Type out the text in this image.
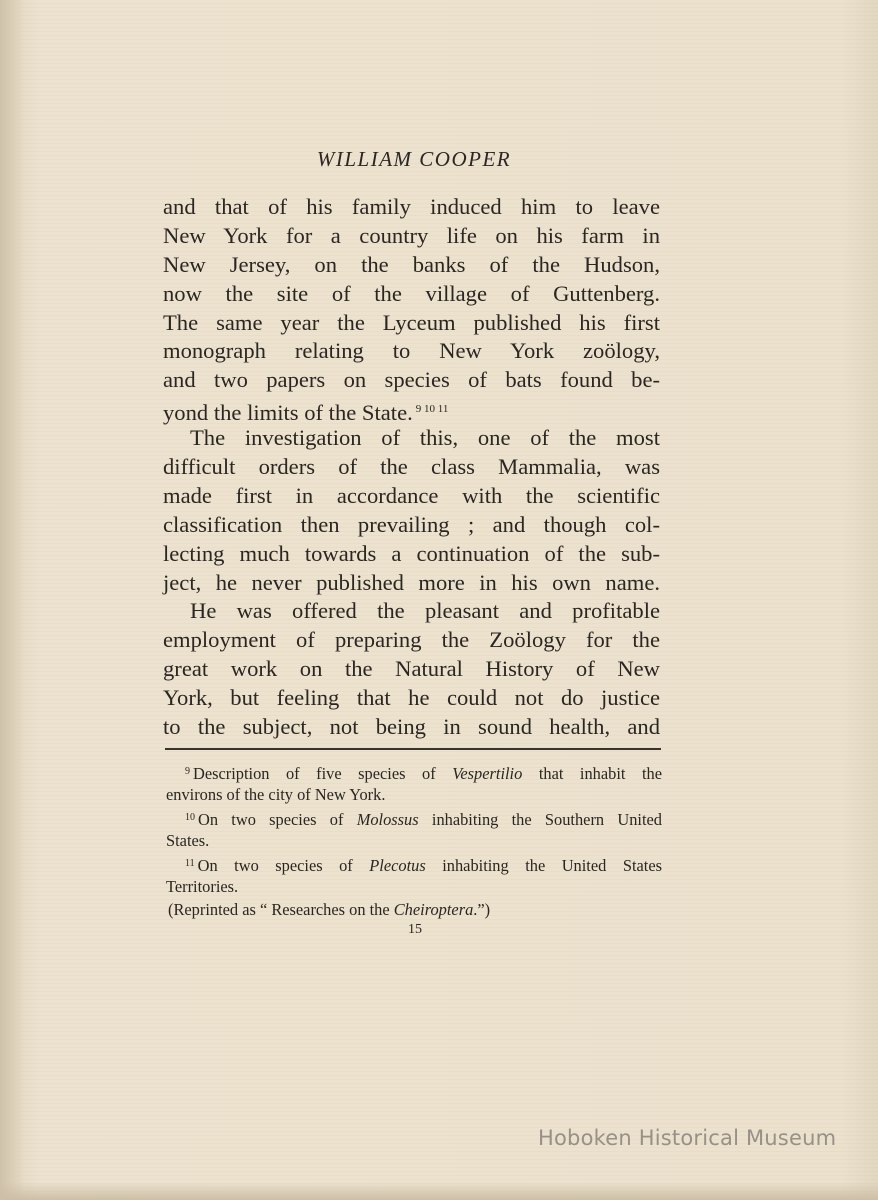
WILLIAM COOPER
and that of his family induced him to leave
New York for a country life on his farm in
New Jersey, on the banks of the Hudson,
now the site of the village of Guttenberg.
The same year the Lyceum published his first
monograph relating to New York zoölogy,
and two papers on species of bats found be-
yond the limits of the State. $^{9 10 11}$
The investigation of this, one of the most
difficult orders of the class Mammalia, was
made first in accordance with the scientific
classification then prevailing ; and though col-
lecting much towards a continuation of the sub-
ject, he never published more in his own name.
He was offered the pleasant and profitable
employment of preparing the Zoölogy for the
great work on the Natural History of New
York, but feeling that he could not do justice
to the subject, not being in sound health, and
$^9$ Description of five species of Vespertilio that inhabit the
environs of the city of New York.
$^{10}$ On two species of Molossus inhabiting the Southern United
States.
$^{11}$ On two species of Plecotus inhabiting the United States
Territories.
(Reprinted as “ Researches on the Cheiroptera.”)
15
Hoboken Historical Museum
